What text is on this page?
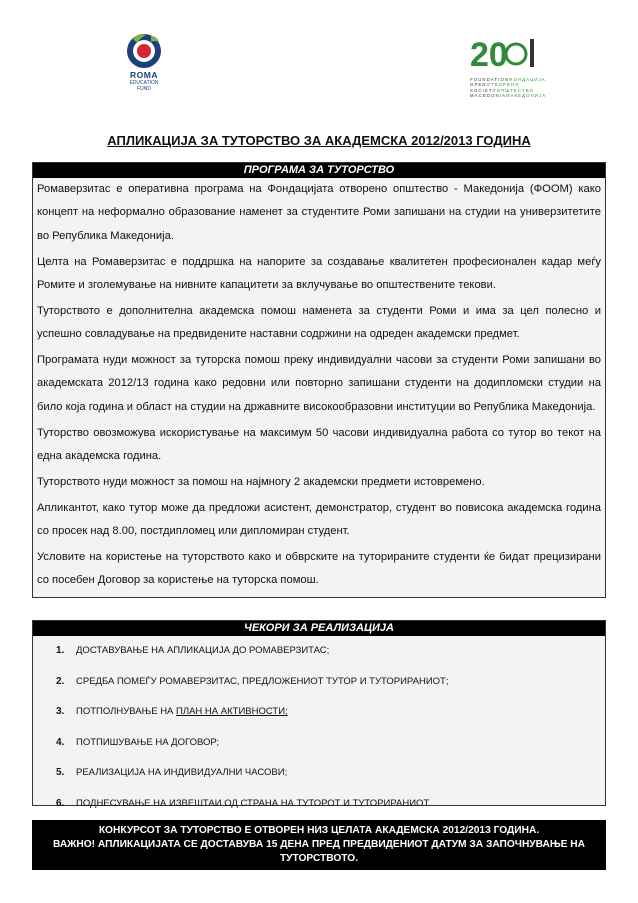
ROMA
EDUCATION
FUND
20
FOUNDATIONФОНДАЦИЈА
OPENОТВОРЕНО
SOCIETYОПШТЕСТВО
MACEDONIAМАКЕДОНИЈА
АПЛИКАЦИЈА ЗА ТУТОРСТВО ЗА АКАДЕМСКА 2012/2013 ГОДИНА
ПРОГРАМА ЗА ТУТОРСТВО

Ромаверзитас е оперативна програма на Фондацијата отворено општество - Македонија (ФООМ) како концепт на неформално образование наменет за студентите Роми запишани на студии на универзитетите во Република Македонија.

Целта на Ромаверзитас е поддршка на напорите за создавање квалитетен професионален кадар меѓу Ромите и зголемување на нивните капацитети за вклучување во општествените текови.

Туторството е дополнителна академска помош наменета за студенти Роми и има за цел полесно и успешно совладување на предвидените наставни содржини на одреден академски предмет.

Програмата нуди можност за туторска помош преку индивидуални часови за студенти Роми запишани во академската 2012/13 година како редовни или повторно запишани студенти на додипломски студии на било која година и област на студии на државните високообразовни институции во Република Македонија.

Туторство овозможува искористување на максимум 50 часови индивидуална работа со тутор во текот на една академска година.

Туторството нуди можност за помош на најмногу 2 академски предмети истовремено.

Апликантот, како тутор може да предложи асистент, демонстратор, студент во повисока академска година со просек над 8.00, постдипломец или дипломиран студент.

Условите на користење на туторството како и обврските на туторираните студенти ќе бидат прецизирани со посебен Договор за користење на туторска помош.

ЧЕКОРИ ЗА РЕАЛИЗАЦИЈА
1.	ДОСТАВУВАЊЕ НА АПЛИКАЦИЈА ДО РОМАВЕРЗИТАС;
2.	СРЕДБА ПОМЕЃУ РОМАВЕРЗИТАС, ПРЕДЛОЖЕНИОТ ТУТОР И ТУТОРИРАНИОТ;
3.	ПОТПОЛНУВАЊЕ НА ПЛАН НА АКТИВНОСТИ;
4.	ПОТПИШУВАЊЕ НА ДОГОВОР;
5.	РЕАЛИЗАЦИЈА НА ИНДИВИДУАЛНИ ЧАСОВИ;
6.	ПОДНЕСУВАЊЕ НА ИЗВЕШТАИ ОД СТРАНА НА ТУТОРОТ И ТУТОРИРАНИОТ.
КОНКУРСОТ ЗА ТУТОРСТВО Е ОТВОРЕН НИЗ ЦЕЛАТА АКАДЕМСКА 2012/2013 ГОДИНА.
ВАЖНО! АПЛИКАЦИЈАТА СЕ ДОСТАВУВА 15 ДЕНА ПРЕД ПРЕДВИДЕНИОТ ДАТУМ ЗА ЗАПОЧНУВАЊЕ НА ТУТОРСТВОТО.
